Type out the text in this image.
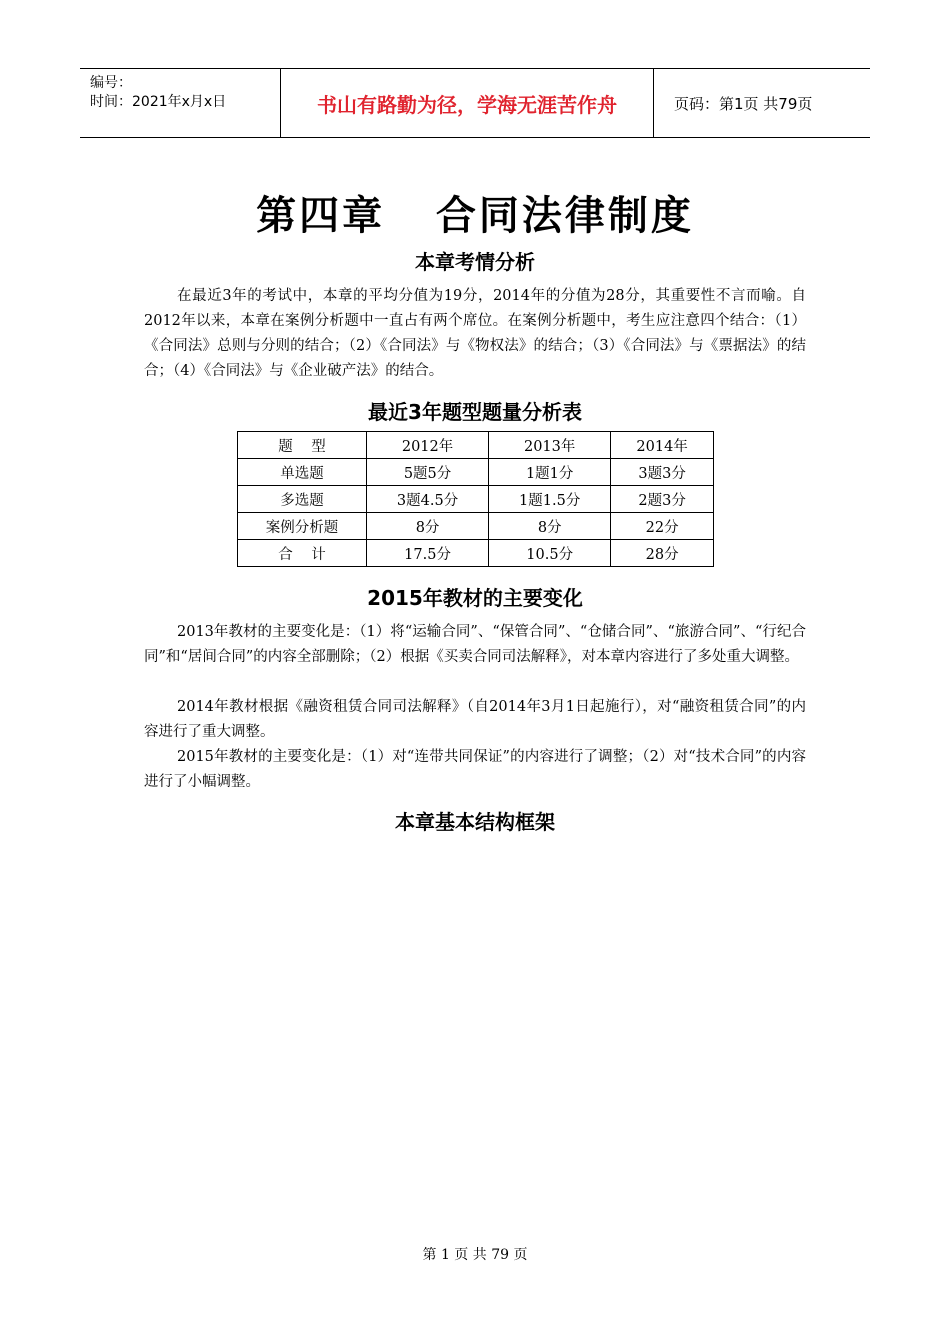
编号：
时间：2021年x月x日	书山有路勤为径，学海无涯苦作舟	页码：第1页 共79页
第四章   合同法律制度
本章考情分析

在最近3年的考试中，本章的平均分值为19分，2014年的分值为28分，其重要性不言而喻。自2012年以来，本章在案例分析题中一直占有两个席位。在案例分析题中，考生应注意四个结合：（1）《合同法》总则与分则的结合；（2）《合同法》与《物权法》的结合；（3）《合同法》与《票据法》的结合；（4）《合同法》与《企业破产法》的结合。

最近3年题型题量分析表
题    型	2012年	2013年	2014年
单选题	5题5分	1题1分	3题3分
多选题	3题4.5分	1题1.5分	2题3分
案例分析题	8分	8分	22分
合    计	17.5分	10.5分	28分
2015年教材的主要变化

2013年教材的主要变化是：（1）将“运输合同”、“保管合同”、“仓储合同”、“旅游合同”、“行纪合同”和“居间合同”的内容全部删除；（2）根据《买卖合同司法解释》，对本章内容进行了多处重大调整。

2014年教材根据《融资租赁合同司法解释》（自2014年3月1日起施行），对“融资租赁合同”的内容进行了重大调整。

2015年教材的主要变化是：（1）对“连带共同保证”的内容进行了调整；（2）对“技术合同”的内容进行了小幅调整。

本章基本结构框架
第 1 页 共 79 页
